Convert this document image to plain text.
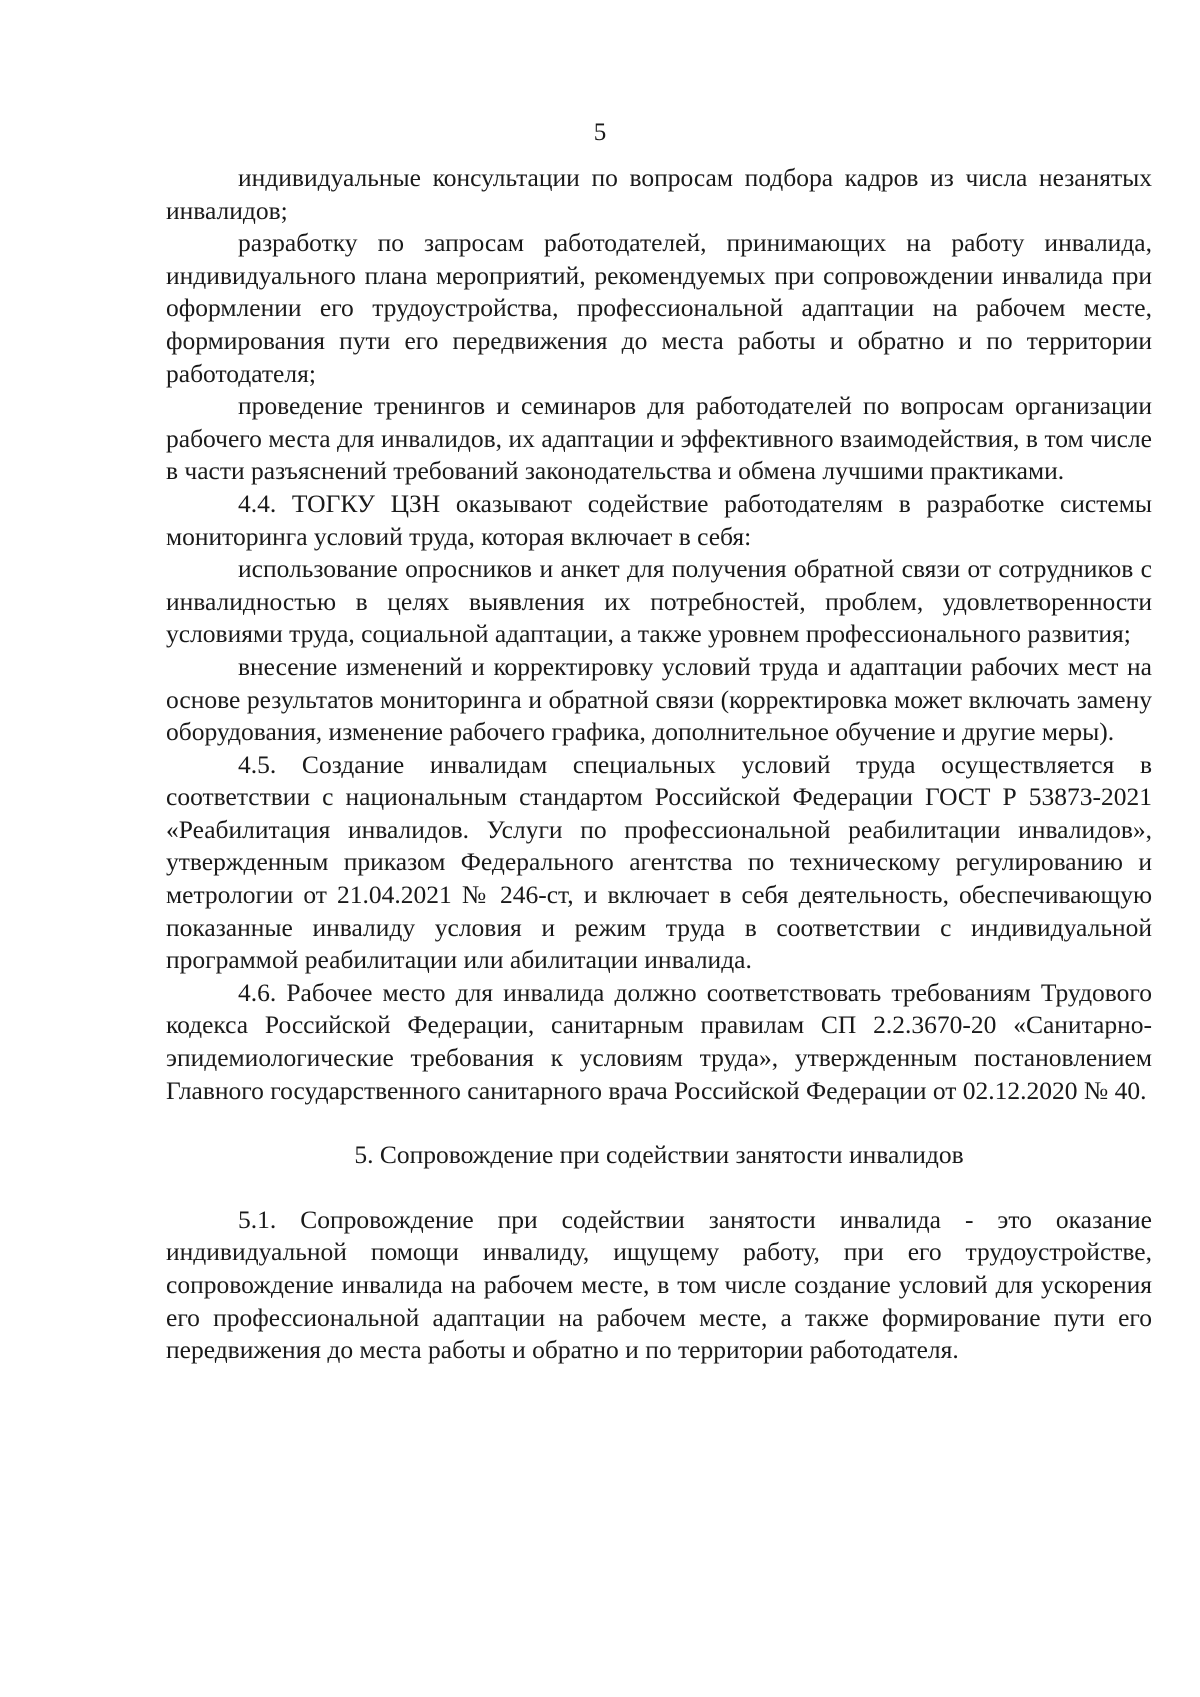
5

индивидуальные консультации по вопросам подбора кадров из числа незанятых инвалидов;

разработку по запросам работодателей, принимающих на работу инвалида, индивидуального плана мероприятий, рекомендуемых при сопровождении инвалида при оформлении его трудоустройства, профессиональной адаптации на рабочем месте, формирования пути его передвижения до места работы и обратно и по территории работодателя;

проведение тренингов и семинаров для работодателей по вопросам организации рабочего места для инвалидов, их адаптации и эффективного взаимодействия, в том числе в части разъяснений требований законодательства и обмена лучшими практиками.

4.4. ТОГКУ ЦЗН оказывают содействие работодателям в разработке системы мониторинга условий труда, которая включает в себя:

использование опросников и анкет для получения обратной связи от сотрудников с инвалидностью в целях выявления их потребностей, проблем, удовлетворенности условиями труда, социальной адаптации, а также уровнем профессионального развития;

внесение изменений и корректировку условий труда и адаптации рабочих мест на основе результатов мониторинга и обратной связи (корректировка может включать замену оборудования, изменение рабочего графика, дополнительное обучение и другие меры).

4.5. Создание инвалидам специальных условий труда осуществляется в соответствии с национальным стандартом Российской Федерации ГОСТ Р 53873-2021 «Реабилитация инвалидов. Услуги по профессиональной реабилитации инвалидов», утвержденным приказом Федерального агентства по техническому регулированию и метрологии от 21.04.2021 № 246-ст, и включает в себя деятельность, обеспечивающую показанные инвалиду условия и режим труда в соответствии с индивидуальной программой реабилитации или абилитации инвалида.

4.6. Рабочее место для инвалида должно соответствовать требованиям Трудового кодекса Российской Федерации, санитарным правилам СП 2.2.3670-20 «Санитарно-эпидемиологические требования к условиям труда», утвержденным постановлением Главного государственного санитарного врача Российской Федерации от 02.12.2020 № 40.

5. Сопровождение при содействии занятости инвалидов

5.1. Сопровождение при содействии занятости инвалида - это оказание индивидуальной помощи инвалиду, ищущему работу, при его трудоустройстве, сопровождение инвалида на рабочем месте, в том числе создание условий для ускорения его профессиональной адаптации на рабочем месте, а также формирование пути его передвижения до места работы и обратно и по территории работодателя.
